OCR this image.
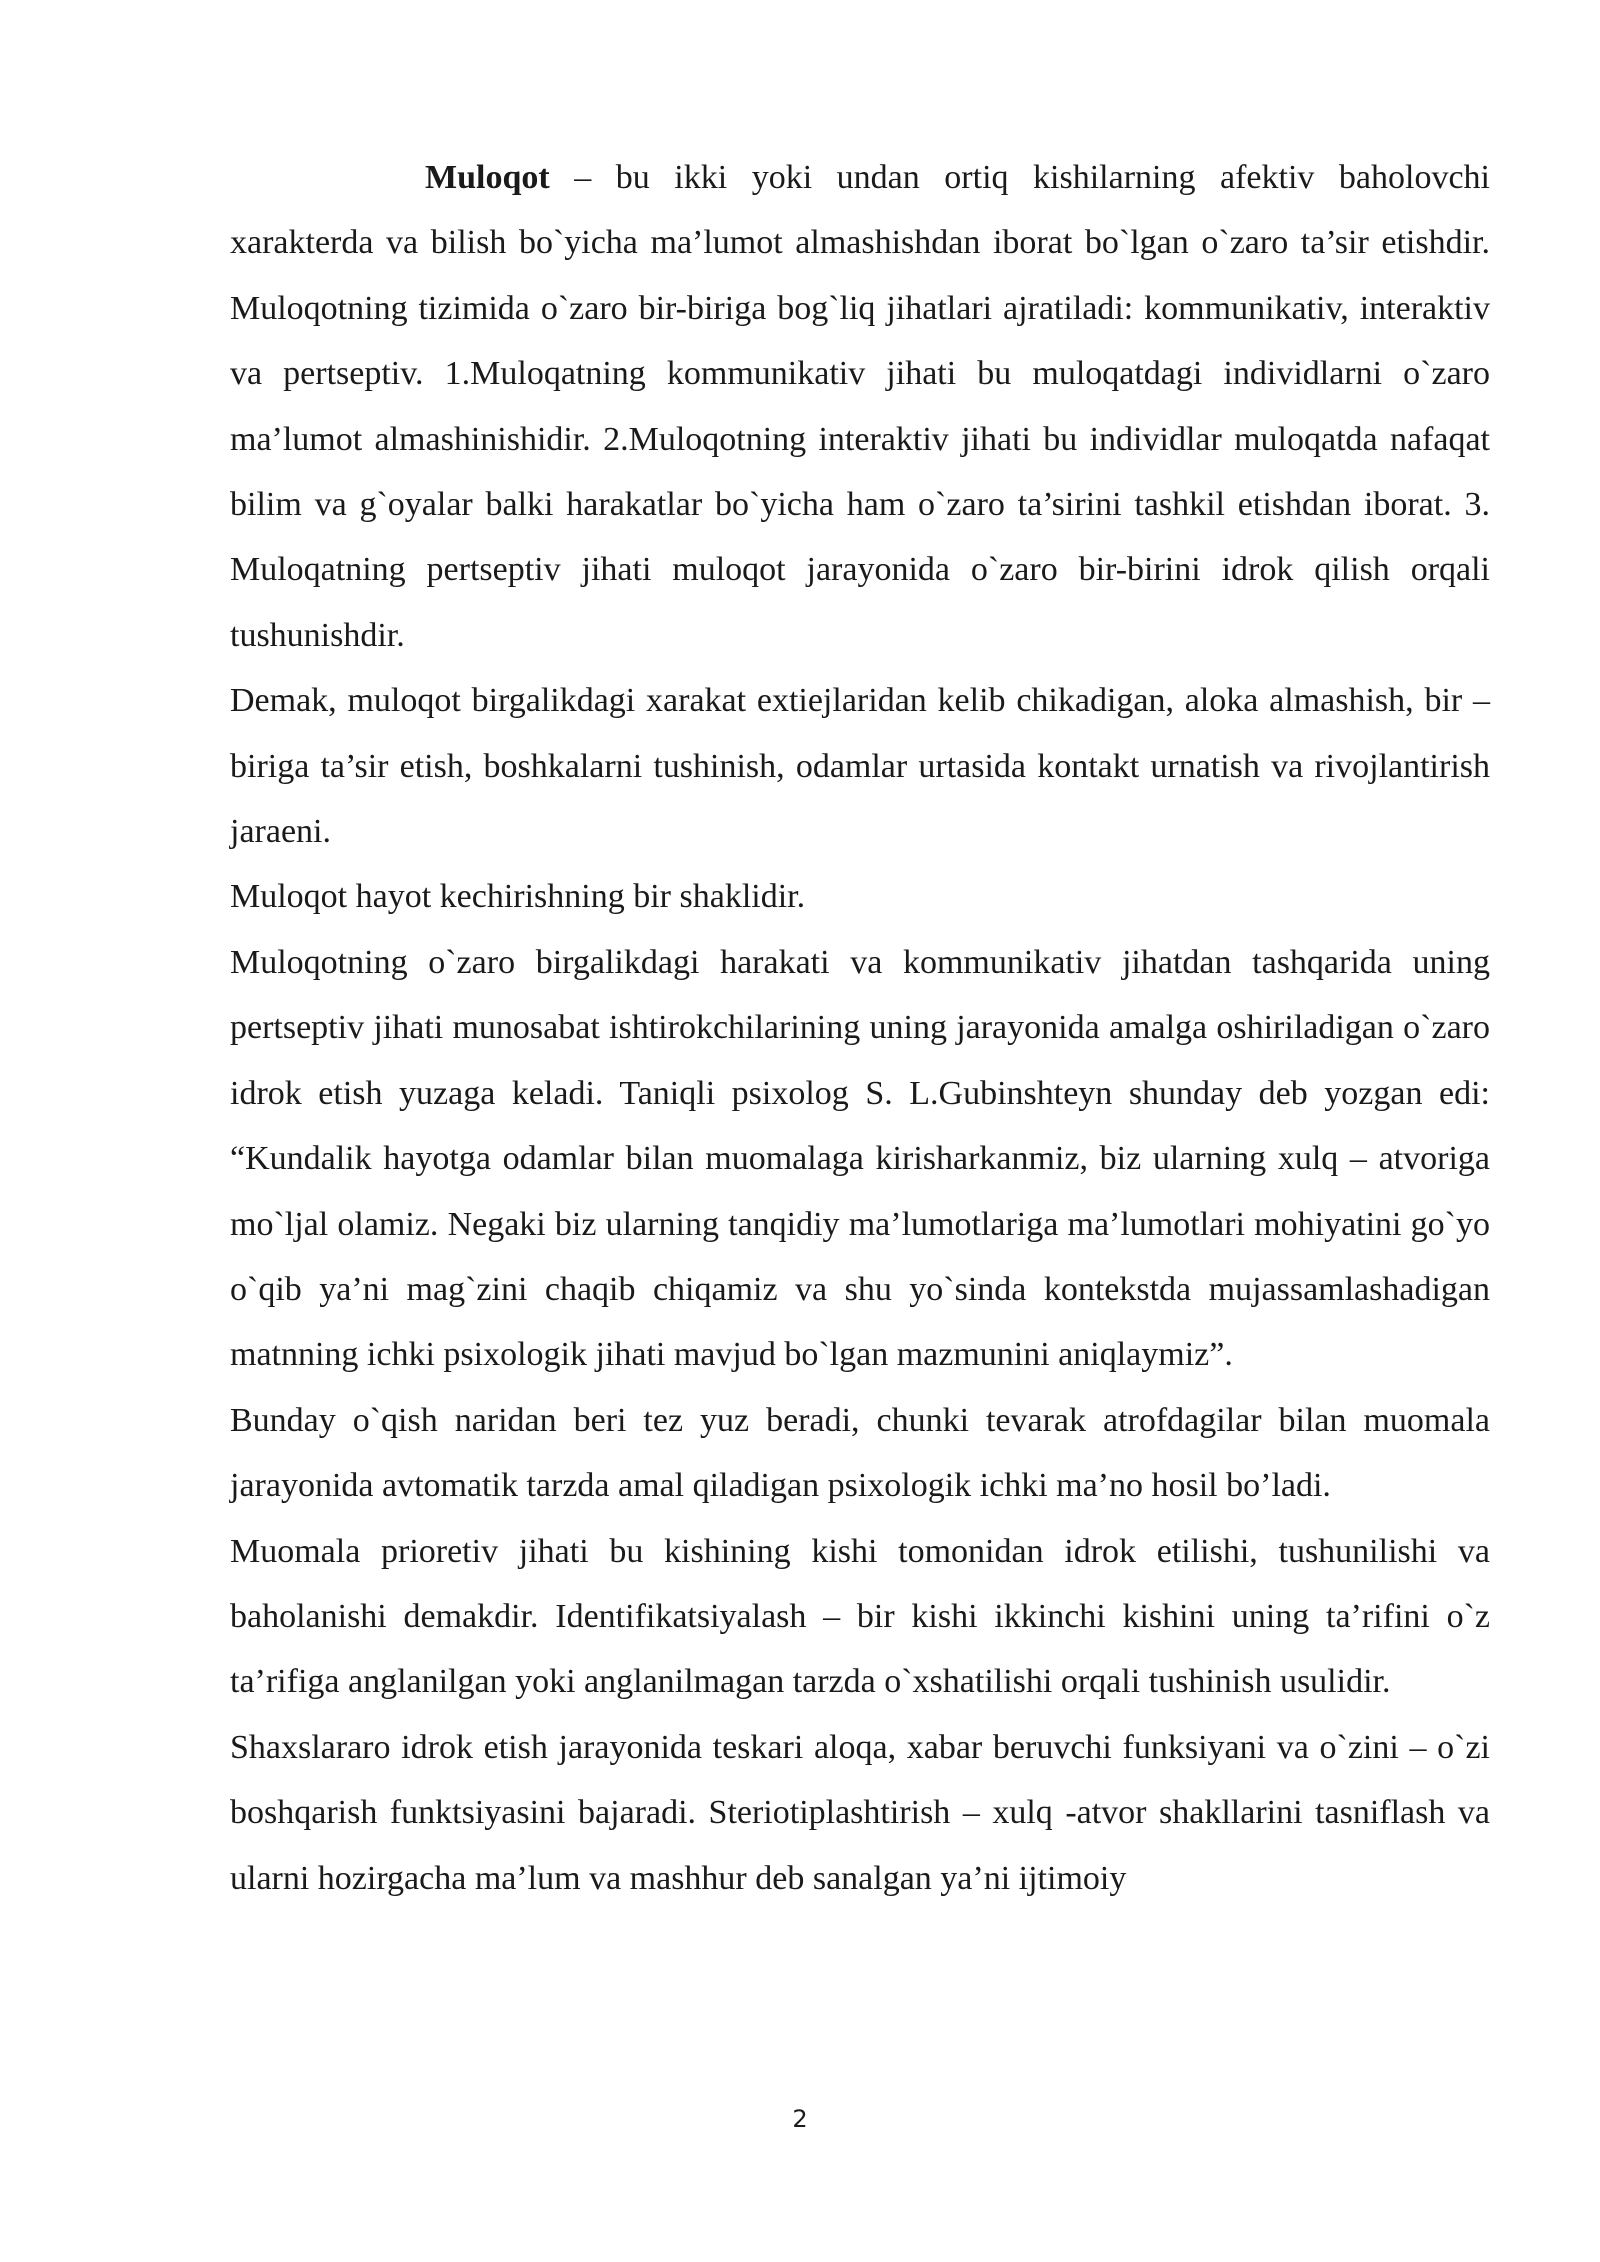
Muloqot – bu ikki yoki undan ortiq kishilarning afektiv baholovchi xarakterda va bilish bo`yicha ma’lumot almashishdan iborat bo`lgan o`zaro ta’sir etishdir. Muloqotning tizimida o`zaro bir-biriga bog`liq jihatlari ajratiladi: kommunikativ, interaktiv va pertseptiv. 1.Muloqatning kommunikativ jihati bu muloqatdagi individlarni o`zaro ma’lumot almashinishidir. 2.Muloqotning interaktiv jihati bu individlar muloqatda nafaqat bilim va g`oyalar balki harakatlar bo`yicha ham o`zaro ta’sirini tashkil etishdan iborat. 3. Muloqatning pertseptiv jihati muloqot jarayonida o`zaro bir-birini idrok qilish orqali tushunishdir.

Demak, muloqot birgalikdagi xarakat extiejlaridan kelib chikadigan, aloka almashish, bir – biriga ta’sir etish, boshkalarni tushinish, odamlar urtasida kontakt urnatish va rivojlantirish jaraeni.

Muloqot hayot kechirishning bir shaklidir.

Muloqotning o`zaro birgalikdagi harakati va kommunikativ jihatdan tashqarida uning pertseptiv jihati munosabat ishtirokchilarining uning jarayonida amalga oshiriladigan o`zaro idrok etish yuzaga keladi. Taniqli psixolog S. L.Gubinshteyn shunday deb yozgan edi: “Kundalik hayotga odamlar bilan muomalaga kirisharkanmiz, biz ularning xulq – atvoriga mo`ljal olamiz. Negaki biz ularning tanqidiy ma’lumotlariga ma’lumotlari mohiyatini go`yo o`qib ya’ni mag`zini chaqib chiqamiz va shu yo`sinda kontekstda mujassamlashadigan matnning ichki psixologik jihati mavjud bo`lgan mazmunini aniqlaymiz”.

Bunday o`qish naridan beri tez yuz beradi, chunki tevarak atrofdagilar bilan muomala jarayonida avtomatik tarzda amal qiladigan psixologik ichki ma’no hosil bo’ladi.

Muomala prioretiv jihati bu kishining kishi tomonidan idrok etilishi, tushunilishi va baholanishi demakdir. Identifikatsiyalash – bir kishi ikkinchi kishini uning ta’rifini o`z ta’rifiga anglanilgan yoki anglanilmagan tarzda o`xshatilishi orqali tushinish usulidir.

Shaxslararo idrok etish jarayonida teskari aloqa, xabar beruvchi funksiyani va o`zini – o`zi boshqarish funktsiyasini bajaradi. Steriotiplashtirish – xulq -atvor shakllarini tasniflash va ularni hozirgacha ma’lum va mashhur deb sanalgan ya’ni ijtimoiy

2
